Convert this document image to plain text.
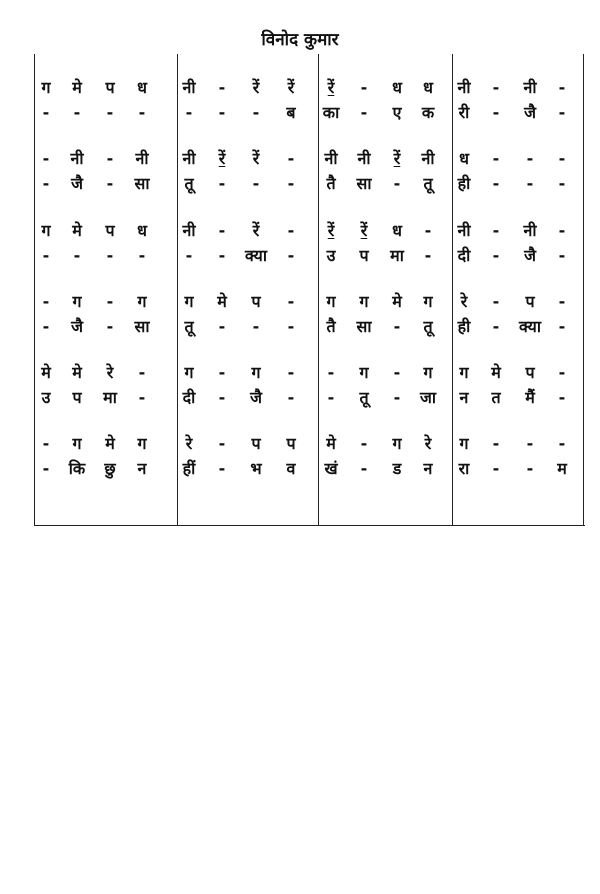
विनोद कुमार
ग	मे	प	ध	नी	-	रें	रें	रें	-	ध	ध	नी	-	नी	-
-	-	-	-	-	-	-	ब	का	-	ए	क	री	-	जै	-
-	नी	-	नी	नी	रें	रें	-	नी	नी	रें	नी	ध	-	-	-
-	जै	-	सा	तू	-	-	-	तै	सा	-	तू	ही	-	-	-
ग	मे	प	ध	नी	-	रें	-	रें	रें	ध	-	नी	-	नी	-
-	-	-	-	-	-	क्या	-	उ	प	मा	-	दी	-	जै	-
-	ग	-	ग	ग	मे	प	-	ग	ग	मे	ग	रे	-	प	-
-	जै	-	सा	तू	-	-	-	तै	सा	-	तू	ही	-	क्या	-
मे	मे	रे	-	ग	-	ग	-	-	ग	-	ग	ग	मे	प	-
उ	प	मा	-	दी	-	जै	-	-	तू	-	जा	न	त	मैं	-
-	ग	मे	ग	रे	-	प	प	मे	-	ग	रे	ग	-	-	-
-	कि	छु	न	हीं	-	भ	व	खं	-	ड	न	रा	-	-	म
